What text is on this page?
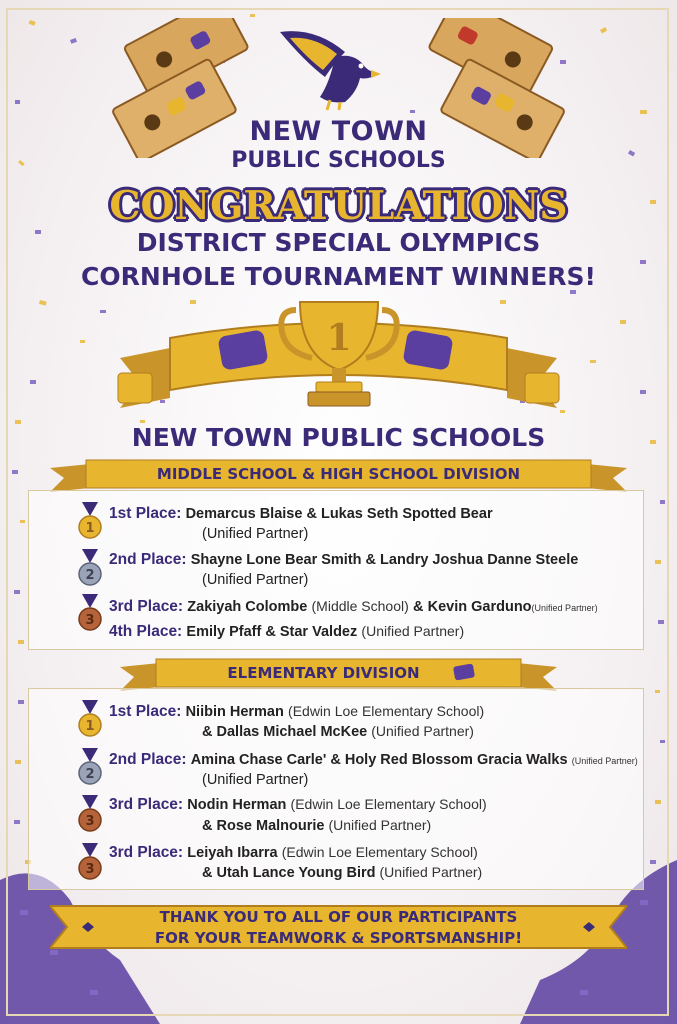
NEW TOWN
PUBLIC SCHOOLS
CONGRATULATIONS
DISTRICT SPECIAL OLYMPICS
CORNHOLE TOURNAMENT WINNERS!
1
NEW TOWN PUBLIC SCHOOLS
MIDDLE SCHOOL & HIGH SCHOOL DIVISION
1
2
3
1st Place: Demarcus Blaise & Lukas Seth Spotted Bear
(Unified Partner)
2nd Place: Shayne Lone Bear Smith & Landry Joshua Danne Steele
(Unified Partner)
3rd Place: Zakiyah Colombe (Middle School) & Kevin Garduno(Unified Partner)
4th Place: Emily Pfaff & Star Valdez (Unified Partner)
ELEMENTARY DIVISION
1
2
3
3
1st Place: Niibin Herman (Edwin Loe Elementary School)
& Dallas Michael McKee (Unified Partner)
2nd Place: Amina Chase Carle' & Holy Red Blossom Gracia Walks (Unified Partner)
(Unified Partner)
3rd Place: Nodin Herman (Edwin Loe Elementary School)
& Rose Malnourie (Unified Partner)
3rd Place: Leiyah Ibarra (Edwin Loe Elementary School)
& Utah Lance Young Bird (Unified Partner)
THANK YOU TO ALL OF OUR PARTICIPANTS
FOR YOUR TEAMWORK & SPORTSMANSHIP!
